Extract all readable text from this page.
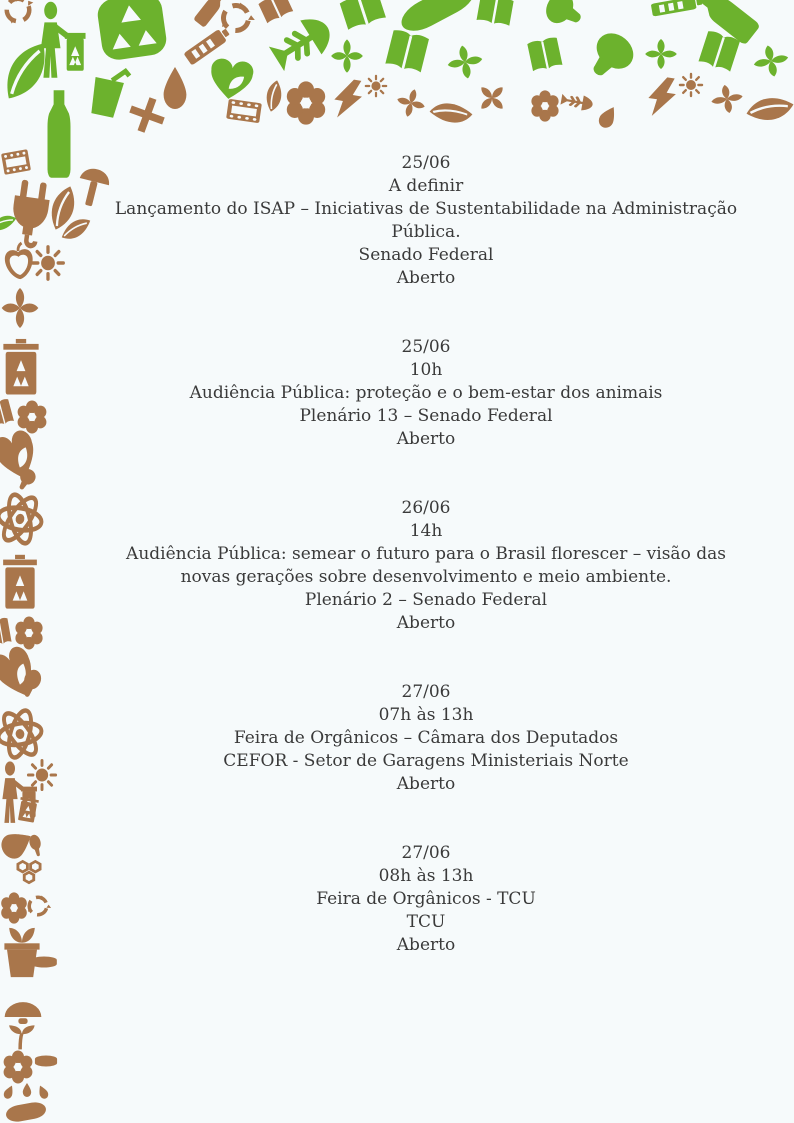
25/06
A definir
Lançamento do ISAP – Iniciativas de Sustentabilidade na Administração Pública.
Senado Federal
Aberto
25/06
10h
Audiência Pública: proteção e o bem-estar dos animais
Plenário 13 – Senado Federal
Aberto
26/06
14h
Audiência Pública: semear o futuro para o Brasil florescer – visão das novas gerações sobre desenvolvimento e meio ambiente.
Plenário 2 – Senado Federal
Aberto
27/06
07h às 13h
Feira de Orgânicos – Câmara dos Deputados
CEFOR - Setor de Garagens Ministeriais Norte
Aberto
27/06
08h às 13h
Feira de Orgânicos - TCU
TCU
Aberto
